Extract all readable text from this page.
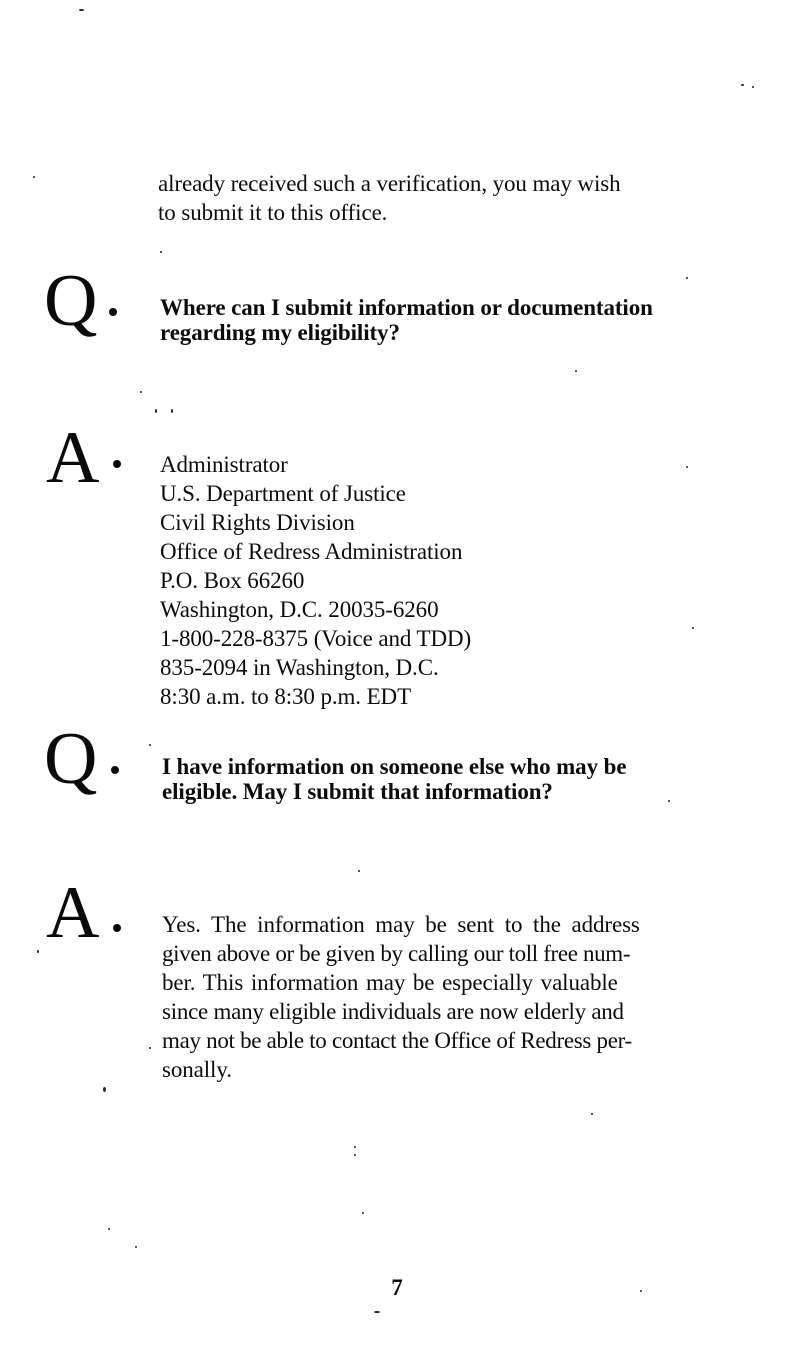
already received such a verification, you may wish

to submit it to this office.

Q	Where can I submit information or documentation

regarding my eligibility?

A	Administrator

U.S. Department of Justice

Civil Rights Division

Office of Redress Administration

P.O. Box 66260

Washington, D.C. 20035-6260

1-800-228-8375 (Voice and TDD)

835-2094 in Washington, D.C.

8:30 a.m. to 8:30 p.m. EDT

Q	I have information on someone else who may be

eligible. May I submit that information?

A	Yes. The information may be sent to the address

given above or be given by calling our toll free num-

ber. This information may be especially valuable

since many eligible individuals are now elderly and

may not be able to contact the Office of Redress per-

sonally.

7
